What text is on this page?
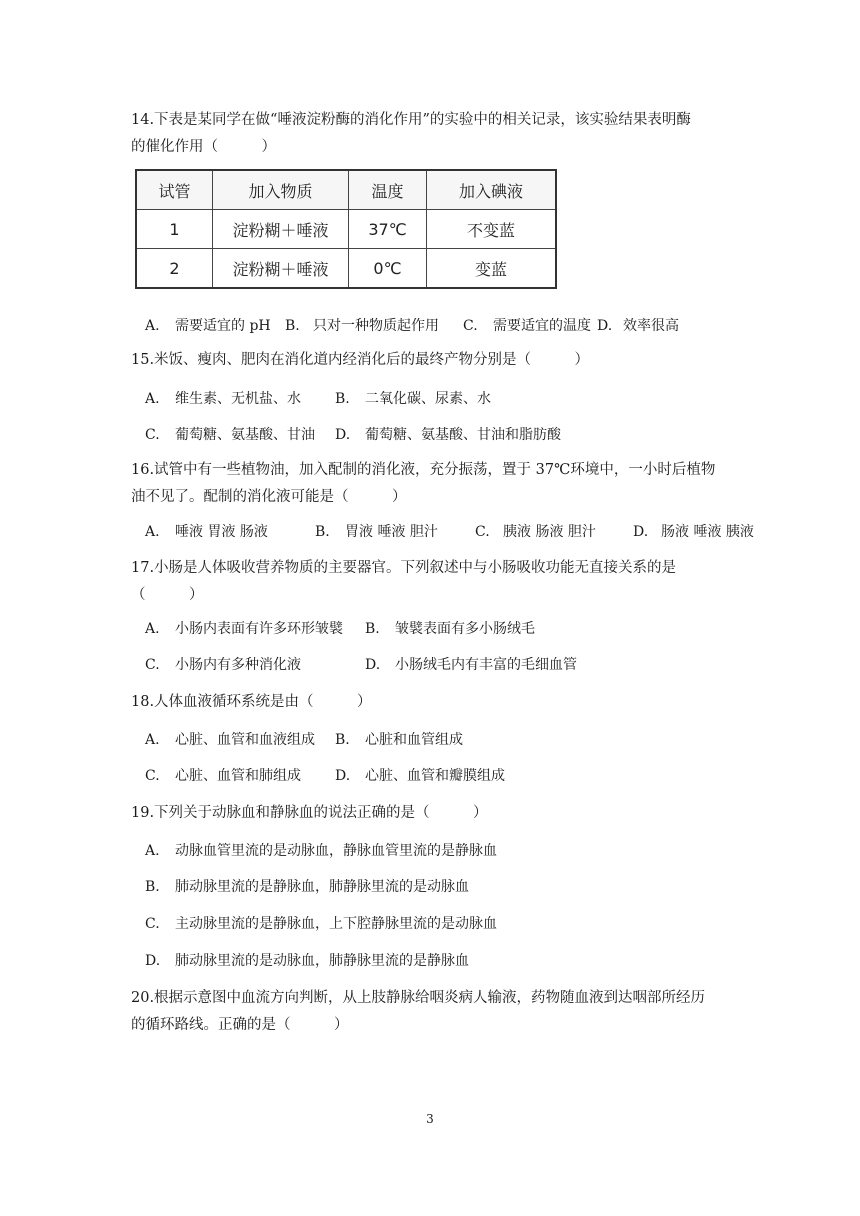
14.下表是某同学在做“唾液淀粉酶的消化作用”的实验中的相关记录，该实验结果表明酶
的催化作用（　　　）
试管	加入物质	温度	加入碘液
1	淀粉糊＋唾液	37℃	不变蓝
2	淀粉糊＋唾液	0℃	变蓝
A. 需要适宜的 pH B. 只对一种物质起作用 C. 需要适宜的温度 D. 效率很高
15.米饭、瘦肉、肥肉在消化道内经消化后的最终产物分别是（　　　）
A. 维生素、无机盐、水 B. 二氧化碳、尿素、水
C. 葡萄糖、氨基酸、甘油 D. 葡萄糖、氨基酸、甘油和脂肪酸
16.试管中有一些植物油，加入配制的消化液，充分振荡，置于 37℃环境中，一小时后植物
油不见了。配制的消化液可能是（　　　）
A. 唾液 胃液 肠液	B. 胃液 唾液 胆汁	C. 胰液 肠液 胆汁	D. 肠液 唾液 胰液
17.小肠是人体吸收营养物质的主要器官。下列叙述中与小肠吸收功能无直接关系的是
（　　　）
A. 小肠内表面有许多环形皱襞 B. 皱襞表面有多小肠绒毛
C. 小肠内有多种消化液	D. 小肠绒毛内有丰富的毛细血管
18.人体血液循环系统是由（　　　）
A. 心脏、血管和血液组成 B. 心脏和血管组成
C. 心脏、血管和肺组成 D. 心脏、血管和瓣膜组成
19.下列关于动脉血和静脉血的说法正确的是（　　　）
A. 动脉血管里流的是动脉血，静脉血管里流的是静脉血
B. 肺动脉里流的是静脉血，肺静脉里流的是动脉血
C. 主动脉里流的是静脉血，上下腔静脉里流的是动脉血
D. 肺动脉里流的是动脉血，肺静脉里流的是静脉血
20.根据示意图中血流方向判断，从上肢静脉给咽炎病人输液，药物随血液到达咽部所经历
的循环路线。正确的是（　　　）
3
